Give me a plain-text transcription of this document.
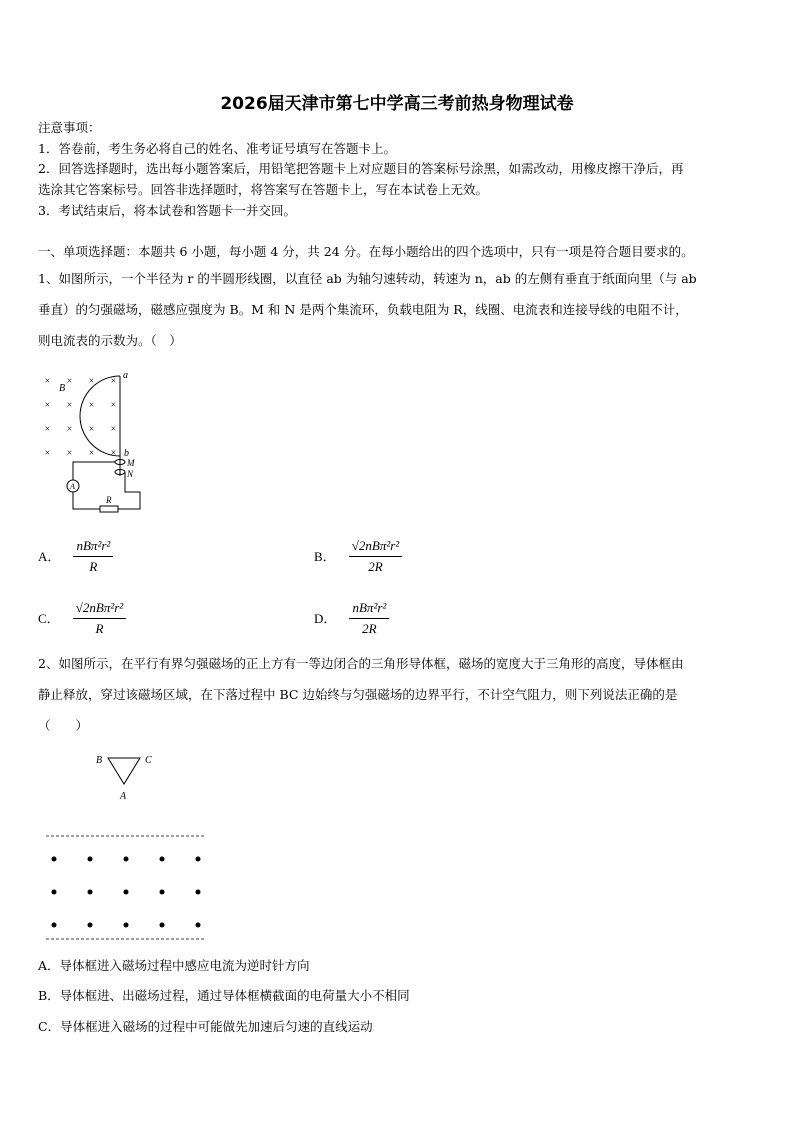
2026届天津市第七中学高三考前热身物理试卷
注意事项：
1．答卷前，考生务必将自己的姓名、准考证号填写在答题卡上。
2．回答选择题时，选出每小题答案后，用铅笔把答题卡上对应题目的答案标号涂黑，如需改动，用橡皮擦干净后，再
选涂其它答案标号。回答非选择题时，将答案写在答题卡上，写在本试卷上无效。
3．考试结束后，将本试卷和答题卡一并交回。
一、单项选择题：本题共 6 小题，每小题 4 分，共 24 分。在每小题给出的四个选项中，只有一项是符合题目要求的。
1、如图所示，一个半径为 r 的半圆形线圈，以直径 ab 为轴匀速转动，转速为 n，ab 的左侧有垂直于纸面向里（与 ab
垂直）的匀强磁场，磁感应强度为 B。M 和 N 是两个集流环，负载电阻为 R，线圈、电流表和连接导线的电阻不计，
则电流表的示数为。（　）
× × × ×
× × × ×
× × × ×
× × × ×
B
a
b
M
N
A
R
A． $\frac{\text{nBπ²r²}}{R}$	B． $\frac{\text{√2nBπ²r²}}{2R}$
C． $\frac{\text{√2nBπ²r²}}{R}$	D． $\frac{\text{nBπ²r²}}{2R}$
2、如图所示，在平行有界匀强磁场的正上方有一等边闭合的三角形导体框，磁场的宽度大于三角形的高度，导体框由
静止释放，穿过该磁场区域，在下落过程中 BC 边始终与匀强磁场的边界平行，不计空气阻力，则下列说法正确的是
（　　）
B	C
A
A．导体框进入磁场过程中感应电流为逆时针方向
B．导体框进、出磁场过程，通过导体框横截面的电荷量大小不相同
C．导体框进入磁场的过程中可能做先加速后匀速的直线运动
